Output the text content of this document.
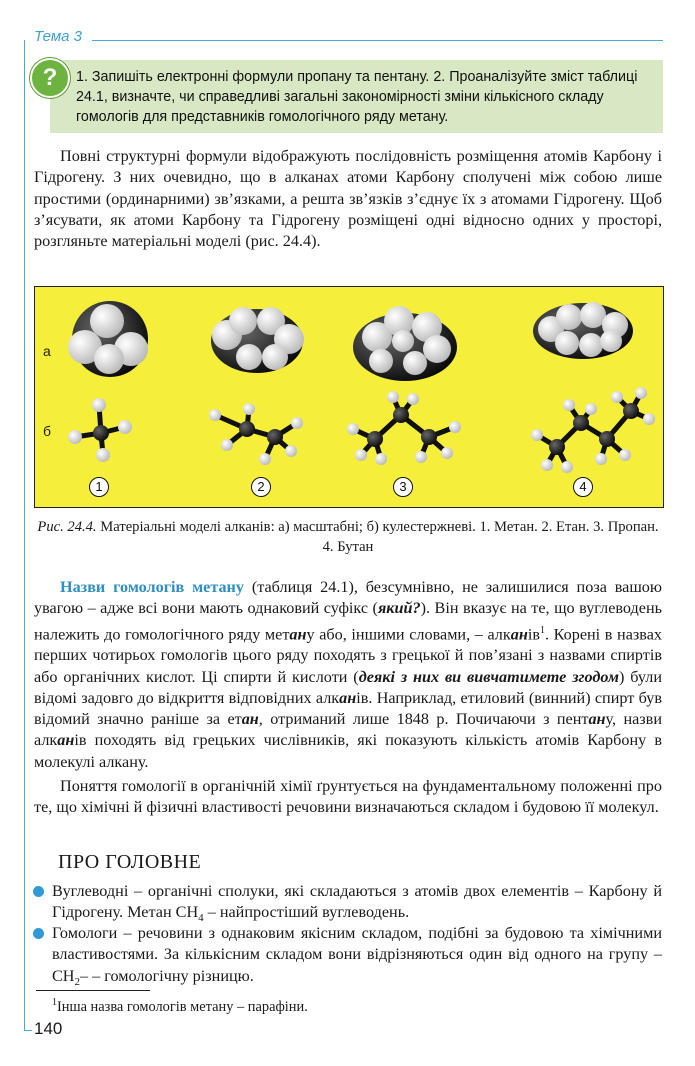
Тема 3
?	1. Запишіть електронні формули пропану та пентану. 2. Проаналізуйте зміст таблиці 24.1, визначте, чи справедливі загальні закономірності зміни кількісного складу гомологів для представників гомологічного ряду метану.
Повні структурні формули відображують послідовність розміщення атомів Карбону і Гідрогену. З них очевидно, що в алканах атоми Карбону сполучені між собою лише простими (ординарними) зв’язками, а решта зв’язків з’єднує їх з атомами Гідрогену. Щоб з’ясувати, як атоми Карбону та Гідрогену розміщені одні відносно одних у просторі, розгляньте матеріальні моделі (рис. 24.4).
а
б
1	2	3	4
Рис. 24.4. Матеріальні моделі алканів: а) масштабні; б) кулестержневі. 1. Метан. 2. Етан. 3. Пропан. 4. Бутан
Назви гомологів метану (таблиця 24.1), безсумнівно, не залишилися поза вашою увагою – адже всі вони мають однаковий суфікс (який?). Він вказує на те, що вуглеводень належить до гомологічного ряду метану або, іншими словами, – алканів$^1$. Корені в назвах перших чотирьох гомологів цього ряду походять з грецької й пов’язані з назвами спиртів або органічних кислот. Ці спирти й кислоти (деякі з них ви вивчатимете згодом) були відомі задовго до відкриття відповідних алканів. Наприклад, етиловий (винний) спирт був відомий значно раніше за етан, отриманий лише 1848 р. Почичаючи з пентану, назви алканів походять від грецьких числівників, які показують кількість атомів Карбону в молекулі алкану.
Поняття гомології в органічній хімії ґрунтується на фундаментальному положенні про те, що хімічні й фізичні властивості речовини визначаються складом і будовою її молекул.
ПРО ГОЛОВНЕ
Вуглеводні – органічні сполуки, які складаються з атомів двох елементів – Карбону й Гідрогену. Метан $СН_4$ – найпростіший вуглеводень.
Гомологи – речовини з однаковим якісним складом, подібні за будовою та хімічними властивостями. За кількісним складом вони відрізняються один від одного на групу $-СН_2-$ – гомологічну різницю.
$^1$Інша назва гомологів метану – парафіни.
140
